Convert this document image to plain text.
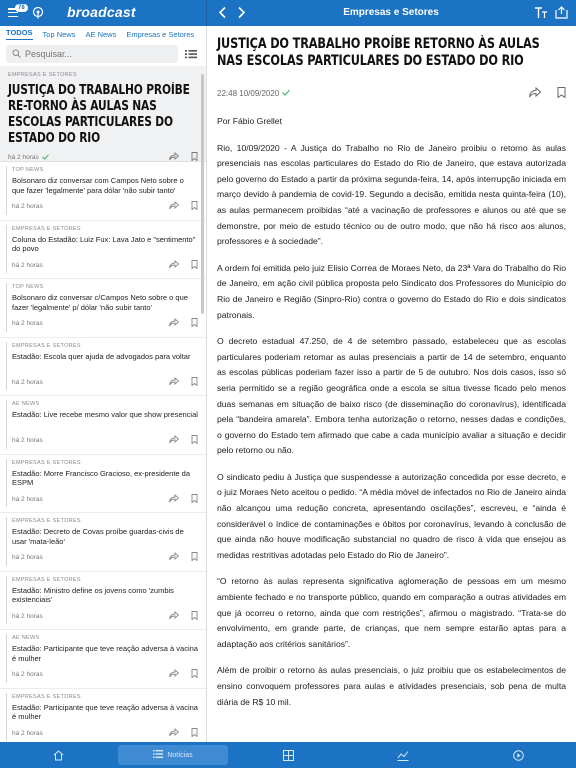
78	broadcast	Empresas e Setores
TODOS Top News AE News Empresas e Setores
Pesquisar...
EMPRESAS E SETORES
JUSTIÇA DO TRABALHO PROÍBE RE-TORNO ÀS AULAS NAS ESCOLAS PARTICULARES DO ESTADO DO RIO
há 2 horas
TOP NEWS
Bolsonaro diz conversar com Campos Neto sobre o que fazer 'legalmente' para dólar 'não subir tanto'
há 2 horas
EMPRESAS E SETORES
Coluna do Estadão: Luiz Fux: Lava Jato e "sentimento" do povo
há 2 horas
TOP NEWS
Bolsonaro diz conversar c/Campos Neto sobre o que fazer 'legalmente' p/ dólar 'não subir tanto'
há 2 horas
EMPRESAS E SETORES
Estadão: Escola quer ajuda de advogados para voltar
há 2 horas
AE NEWS
Estadão: Live recebe mesmo valor que show presencial
há 2 horas
EMPRESAS E SETORES
Estadão: Morre Francisco Gracioso, ex-presidente da ESPM
há 2 horas
EMPRESAS E SETORES
Estadão: Decreto de Covas proíbe guardas-civis de usar 'mata-leão'
há 2 horas
EMPRESAS E SETORES
Estadão: Ministro define os jovens como 'zumbis existenciais'
há 2 horas
AE NEWS
Estadão: Participante que teve reação adversa à vacina é mulher
há 2 horas
EMPRESAS E SETORES
Estadão: Participante que teve reação adversa à vacina é mulher
há 2 horas
JUSTIÇA DO TRABALHO PROÍBE RETORNO ÀS AULAS NAS ESCOLAS PARTICULARES DO ESTADO DO RIO
22:48 10/09/2020

Por Fábio Grellet

Rio, 10/09/2020 - A Justiça do Trabalho no Rio de Janeiro proibiu o retorno às aulas presenciais nas escolas particulares do Estado do Rio de Janeiro, que estava autorizada pelo governo do Estado a partir da próxima segunda-feira, 14, após interrupção iniciada em março devido à pandemia de covid-19. Segundo a decisão, emitida nesta quinta-feira (10), as aulas permanecem proibidas “até a vacinação de professores e alunos ou até que se demonstre, por meio de estudo técnico ou de outro modo, que não há risco aos alunos, professores e à sociedade”.

A ordem foi emitida pelo juiz Elisio Correa de Moraes Neto, da 23ª Vara do Trabalho do Rio de Janeiro, em ação civil pública proposta pelo Sindicato dos Professores do Município do Rio de Janeiro e Região (Sinpro-Rio) contra o governo do Estado do Rio e dois sindicatos patronais.

O decreto estadual 47.250, de 4 de setembro passado, estabeleceu que as escolas particulares poderiam retomar as aulas presenciais a partir de 14 de setembro, enquanto as escolas públicas poderiam fazer isso a partir de 5 de outubro. Nos dois casos, isso só seria permitido se a região geográfica onde a escola se situa tivesse ficado pelo menos duas semanas em situação de baixo risco (de disseminação do coronavírus), identificada pela “bandeira amarela”. Embora tenha autorização o retorno, nesses dadas e condições, o governo do Estado tem afirmado que cabe a cada município avaliar a situação e decidir pelo retorno ou não.

O sindicato pediu à Justiça que suspendesse a autorização concedida por esse decreto, e o juiz Moraes Neto aceitou o pedido. “A média móvel de infectados no Rio de Janeiro ainda não alcançou uma redução concreta, apresentando oscilações”, escreveu, e “ainda é considerável o índice de contaminações e óbitos por coronavírus, levando à conclusão de que ainda não houve modificação substancial no quadro de risco à vida que ensejou as medidas restritivas adotadas pelo Estado do Rio de Janeiro”.

“O retorno às aulas representa significativa aglomeração de pessoas em um mesmo ambiente fechado e no transporte público, quando em comparação a outras atividades em que já ocorreu o retorno, ainda que com restrições”, afirmou o magistrado. “Trata-se do envolvimento, em grande parte, de crianças, que nem sempre estarão aptas para a adaptação aos critérios sanitários”.

Além de proibir o retorno às aulas presenciais, o juiz proibiu que os estabelecimentos de ensino convoquem professores para aulas e atividades presenciais, sob pena de multa diária de R$ 10 mil.

Notícias
